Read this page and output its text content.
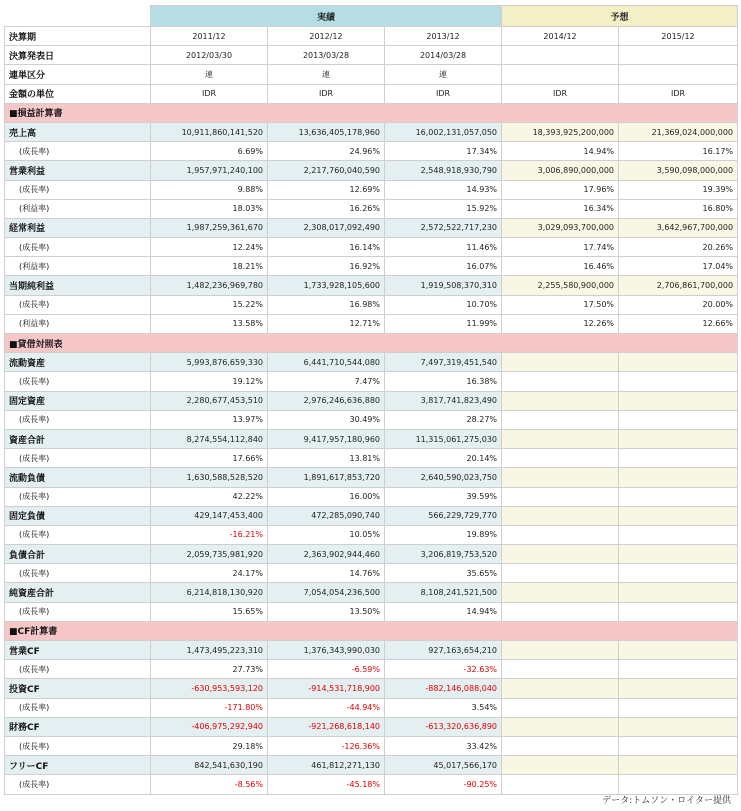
	実績			予想	
決算期	2011/12	2012/12	2013/12	2014/12	2015/12
決算発表日	2012/03/30	2013/03/28	2014/03/28		
連単区分	連	連	連		
金額の単位	IDR	IDR	IDR	IDR	IDR
■損益計算書					
売上高	10,911,860,141,520	13,636,405,178,960	16,002,131,057,050	18,393,925,200,000	21,369,024,000,000
(成長率)	6.69%	24.96%	17.34%	14.94%	16.17%
営業利益	1,957,971,240,100	2,217,760,040,590	2,548,918,930,790	3,006,890,000,000	3,590,098,000,000
(成長率)	9.88%	12.69%	14.93%	17.96%	19.39%
(利益率)	18.03%	16.26%	15.92%	16.34%	16.80%
経常利益	1,987,259,361,670	2,308,017,092,490	2,572,522,717,230	3,029,093,700,000	3,642,967,700,000
(成長率)	12.24%	16.14%	11.46%	17.74%	20.26%
(利益率)	18.21%	16.92%	16.07%	16.46%	17.04%
当期純利益	1,482,236,969,780	1,733,928,105,600	1,919,508,370,310	2,255,580,900,000	2,706,861,700,000
(成長率)	15.22%	16.98%	10.70%	17.50%	20.00%
(利益率)	13.58%	12.71%	11.99%	12.26%	12.66%
■貸借対照表					
流動資産	5,993,876,659,330	6,441,710,544,080	7,497,319,451,540		
(成長率)	19.12%	7.47%	16.38%		
固定資産	2,280,677,453,510	2,976,246,636,880	3,817,741,823,490		
(成長率)	13.97%	30.49%	28.27%		
資産合計	8,274,554,112,840	9,417,957,180,960	11,315,061,275,030		
(成長率)	17.66%	13.81%	20.14%		
流動負債	1,630,588,528,520	1,891,617,853,720	2,640,590,023,750		
(成長率)	42.22%	16.00%	39.59%		
固定負債	429,147,453,400	472,285,090,740	566,229,729,770		
(成長率)	-16.21%	10.05%	19.89%		
負債合計	2,059,735,981,920	2,363,902,944,460	3,206,819,753,520		
(成長率)	24.17%	14.76%	35.65%		
純資産合計	6,214,818,130,920	7,054,054,236,500	8,108,241,521,500		
(成長率)	15.65%	13.50%	14.94%		
■CF計算書					
営業CF	1,473,495,223,310	1,376,343,990,030	927,163,654,210		
(成長率)	27.73%	-6.59%	-32.63%		
投資CF	-630,953,593,120	-914,531,718,900	-882,146,088,040		
(成長率)	-171.80%	-44.94%	3.54%		
財務CF	-406,975,292,940	-921,268,618,140	-613,320,636,890		
(成長率)	29.18%	-126.36%	33.42%		
フリーCF	842,541,630,190	461,812,271,130	45,017,566,170		
(成長率)	-8.56%	-45.18%	-90.25%		
データ:トムソン・ロイター提供
